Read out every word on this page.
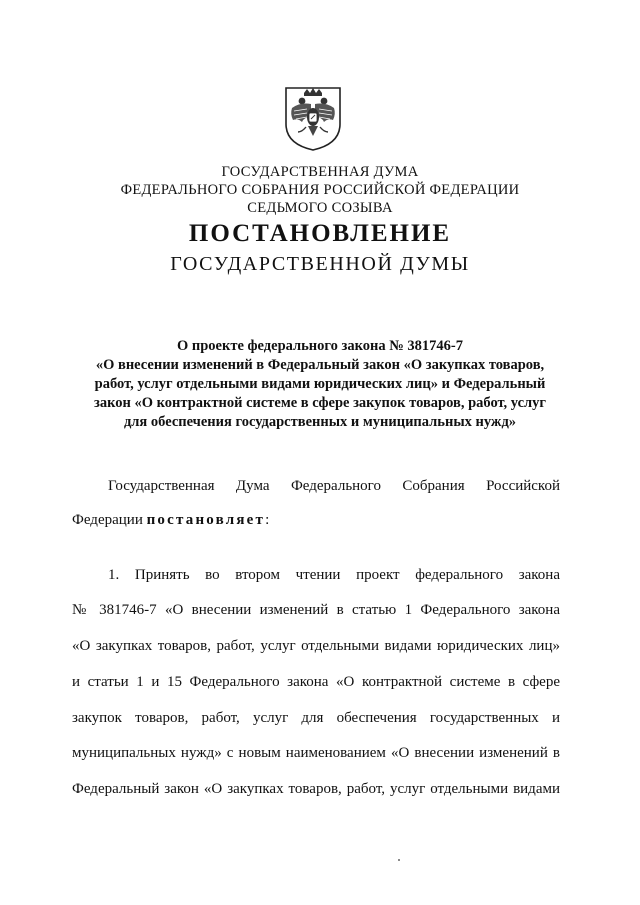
ГОСУДАРСТВЕННАЯ ДУМА
ФЕДЕРАЛЬНОГО СОБРАНИЯ РОССИЙСКОЙ ФЕДЕРАЦИИ
СЕДЬМОГО СОЗЫВА
ПОСТАНОВЛЕНИЕ
ГОСУДАРСТВЕННОЙ ДУМЫ
О проекте федерального закона № 381746-7
«О внесении изменений в Федеральный закон «О закупках товаров,
работ, услуг отдельными видами юридических лиц» и Федеральный
закон «О контрактной системе в сфере закупок товаров, работ, услуг
для обеспечения государственных и муниципальных нужд»
Государственная Дума Федерального Собрания Российской
Федерации постановляет:
1. Принять во втором чтении проект федерального закона
№ 381746-7 «О внесении изменений в статью 1 Федерального закона
«О закупках товаров, работ, услуг отдельными видами юридических лиц»
и статьи 1 и 15 Федерального закона «О контрактной системе в сфере
закупок товаров, работ, услуг для обеспечения государственных и
муниципальных нужд» с новым наименованием «О внесении изменений в
Федеральный закон «О закупках товаров, работ, услуг отдельными видами
